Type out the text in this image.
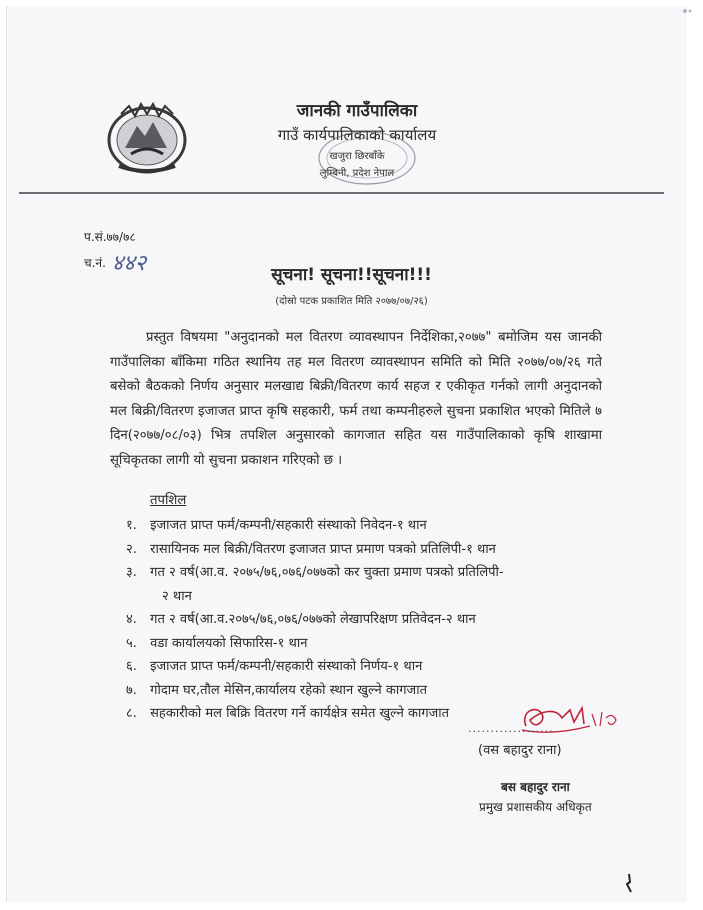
जानकी गाउँपालिका
गाउँ कार्यपालिकाको कार्यालय
खजुरा छिरबाँके
लुम्बिनी, प्रदेश नेपाल
प.सं.७७/७८
च.नं. ४४२	सूचना! सूचना!!सूचना!!!
(दोस्रो पटक प्रकाशित मिति २०७७/०७/२६)

प्रस्तुत विषयमा "अनुदानको मल वितरण व्यावस्थापन निर्देशिका,२०७७" बमोजिम यस जानकी गाउँपालिका बाँकिमा गठित स्थानिय तह मल वितरण व्यावस्थापन समिति को मिति २०७७/०७/२६ गते बसेको बैठकको निर्णय अनुसार मलखाद्य बिक्री/वितरण कार्य सहज र एकीकृत गर्नको लागी अनुदानको मल बिक्री/वितरण इजाजत प्राप्त कृषि सहकारी, फर्म तथा कम्पनीहरुले सुचना प्रकाशित भएको मितिले ७ दिन(२०७७/०८/०३) भित्र तपशिल अनुसारको कागजात सहित यस गाउँपालिकाको कृषि शाखामा सूचिकृतका लागी यो सुचना प्रकाशन गरिएको छ ।

तपशिल
१. इजाजत प्राप्त फर्म/कम्पनी/सहकारी संस्थाको निवेदन-१ थान
२. रासायिनक मल बिक्री/वितरण इजाजत प्राप्त प्रमाण पत्रको प्रतिलिपी-१ थान
३. गत २ वर्ष(आ.व. २०७५/७६,०७६/०७७को कर चुक्ता प्रमाण पत्रको प्रतिलिपी-
२ थान
४. गत २ वर्ष(आ.व.२०७५/७६,०७६/०७७को लेखापरिक्षण प्रतिवेदन-२ थान
५. वडा कार्यालयको सिफारिस-१ थान
६. इजाजत प्राप्त फर्म/कम्पनी/सहकारी संस्थाको निर्णय-१ थान
७. गोदाम घर,तौल मेसिन,कार्यालय रहेको स्थान खुल्ने कागजात
८. सहकारीको मल बिक्रि वितरण गर्ने कार्यक्षेत्र समेत खुल्ने कागजात
...................
(वस बहादुर राना)
बस बहादुर राना
प्रमुख प्रशासकीय अधिकृत
